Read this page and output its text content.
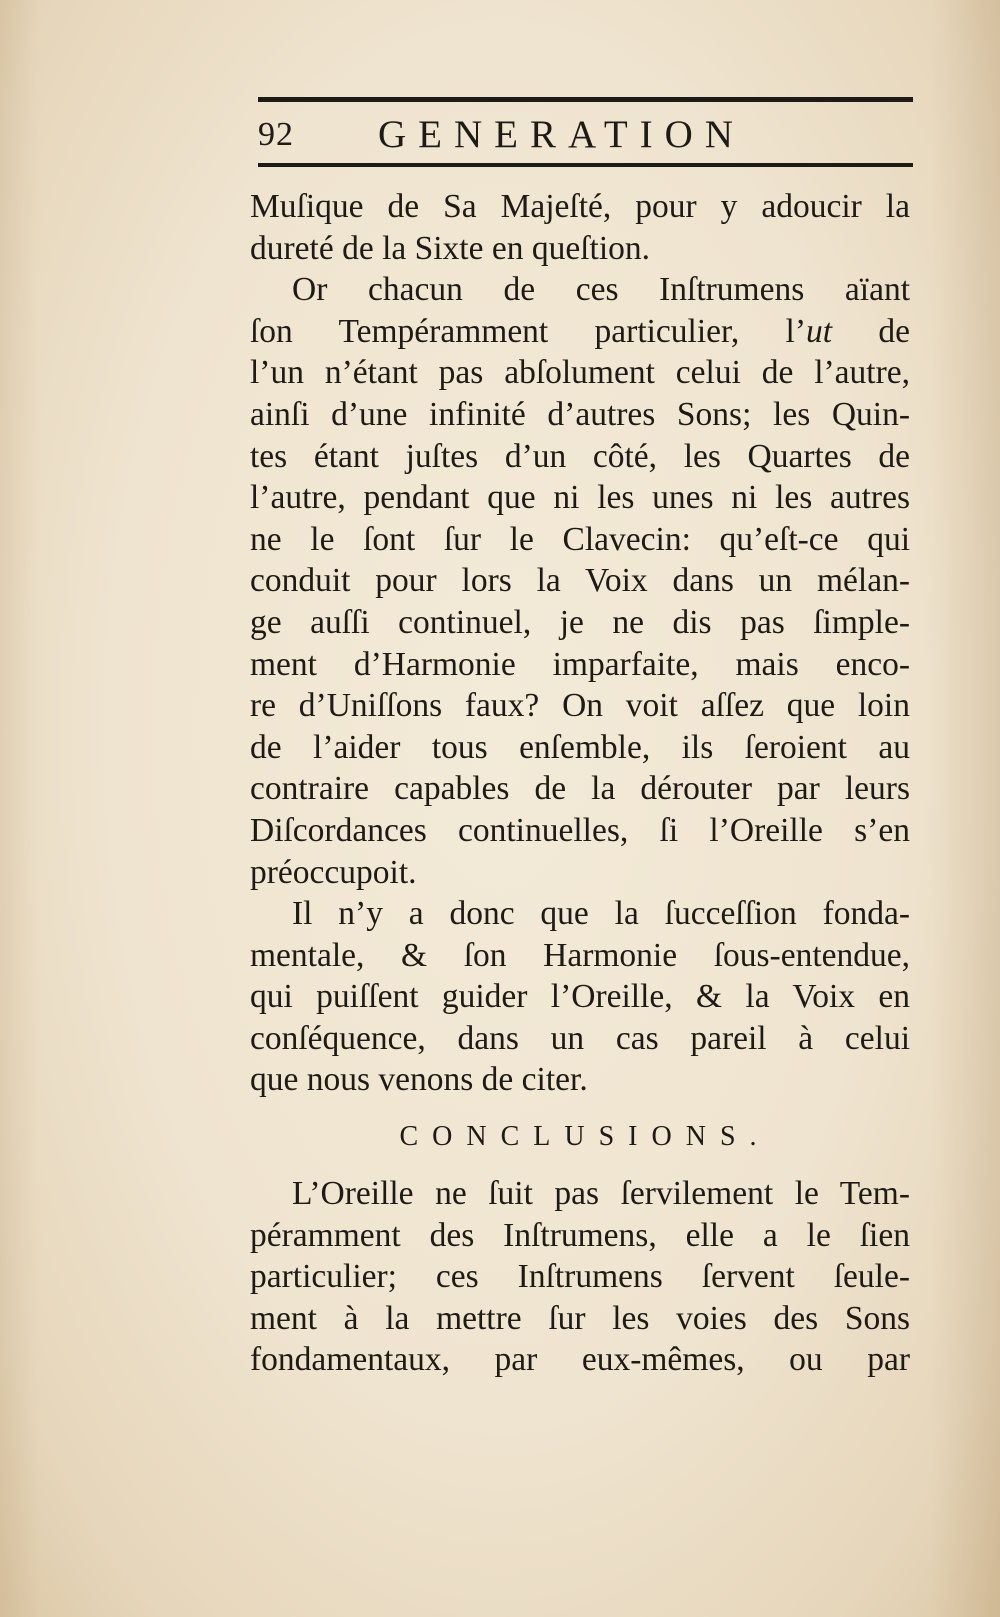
92 GENERATION
Muſique de Sa Majeſté, pour y adoucir la
dureté de la Sixte en queſtion.
Or chacun de ces Inſtrumens aïant
ſon Tempéramment particulier, l’ut de
l’un n’étant pas abſolument celui de l’autre,
ainſi d’une infinité d’autres Sons; les Quin-
tes étant juſtes d’un côté, les Quartes de
l’autre, pendant que ni les unes ni les autres
ne le ſont ſur le Clavecin: qu’eſt-ce qui
conduit pour lors la Voix dans un mélan-
ge auſſi continuel, je ne dis pas ſimple-
ment d’Harmonie imparfaite, mais enco-
re d’Uniſſons faux? On voit aſſez que loin
de l’aider tous enſemble, ils ſeroient au
contraire capables de la dérouter par leurs
Diſcordances continuelles, ſi l’Oreille s’en
préoccupoit.
Il n’y a donc que la ſucceſſion fonda-
mentale, & ſon Harmonie ſous-entendue,
qui puiſſent guider l’Oreille, & la Voix en
conſéquence, dans un cas pareil à celui
que nous venons de citer.
CONCLUSIONS.
L’Oreille ne ſuit pas ſervilement le Tem-
péramment des Inſtrumens, elle a le ſien
particulier; ces Inſtrumens ſervent ſeule-
ment à la mettre ſur les voies des Sons
fondamentaux, par eux-mêmes, ou par
